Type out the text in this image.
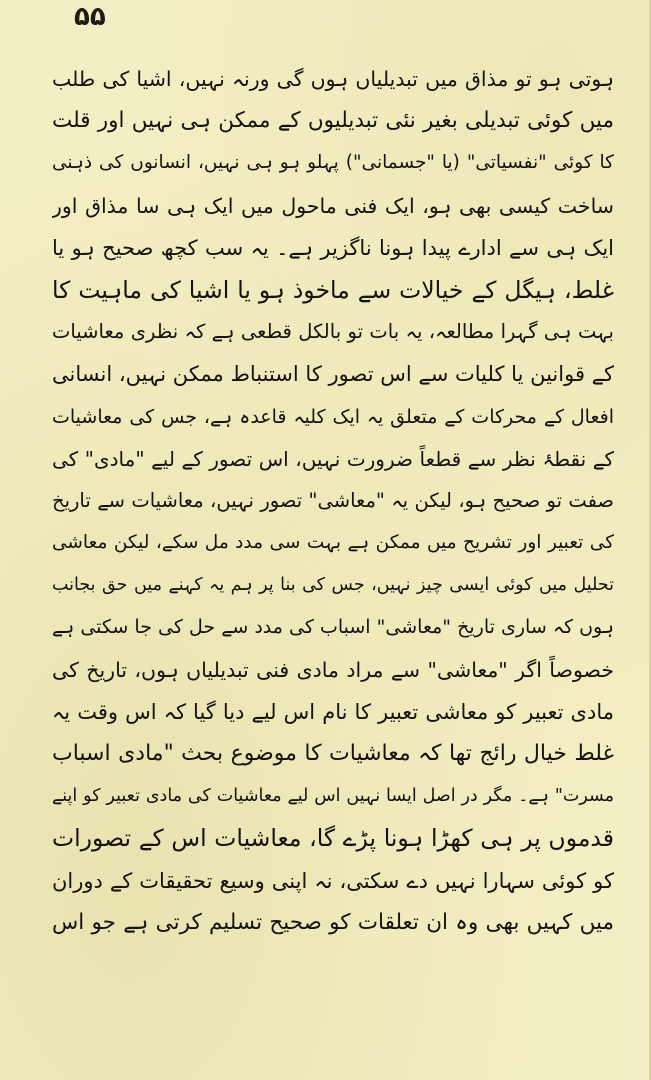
۵۵
ہوتی ہو تو مذاق میں تبدیلیاں ہوں گی ورنہ نہیں، اشیا کی طلب
میں کوئی تبدیلی بغیر نئی تبدیلیوں کے ممکن ہی نہیں اور قلت
کا کوئی "نفسیاتی" (یا "جسمانی") پہلو ہو ہی نہیں، انسانوں کی ذہنی
ساخت کیسی بھی ہو، ایک فنی ماحول میں ایک ہی سا مذاق اور
ایک ہی سے ادارے پیدا ہونا ناگزیر ہے۔ یہ سب کچھ صحیح ہو یا
غلط، ہیگل کے خیالات سے ماخوذ ہو یا اشیا کی ماہیت کا
بہت ہی گہرا مطالعہ، یہ بات تو بالکل قطعی ہے کہ نظری معاشیات
کے قوانین یا کلیات سے اس تصور کا استنباط ممکن نہیں، انسانی
افعال کے محرکات کے متعلق یہ ایک کلیہ قاعدہ ہے، جس کی معاشیات
کے نقطۂ نظر سے قطعاً ضرورت نہیں، اس تصور کے لیے "مادی" کی
صفت تو صحیح ہو، لیکن یہ "معاشی" تصور نہیں، معاشیات سے تاریخ
کی تعبیر اور تشریح میں ممکن ہے بہت سی مدد مل سکے، لیکن معاشی
تحلیل میں کوئی ایسی چیز نہیں، جس کی بنا پر ہم یہ کہنے میں حق بجانب
ہوں کہ ساری تاریخ "معاشی" اسباب کی مدد سے حل کی جا سکتی ہے
خصوصاً اگر "معاشی" سے مراد مادی فنی تبدیلیاں ہوں، تاریخ کی
مادی تعبیر کو معاشی تعبیر کا نام اس لیے دیا گیا کہ اس وقت یہ
غلط خیال رائج تھا کہ معاشیات کا موضوع بحث "مادی اسباب
مسرت" ہے۔ مگر در اصل ایسا نہیں اس لیے معاشیات کی مادی تعبیر کو اپنے
قدموں پر ہی کھڑا ہونا پڑے گا، معاشیات اس کے تصورات
کو کوئی سہارا نہیں دے سکتی، نہ اپنی وسیع تحقیقات کے دوران
میں کہیں بھی وہ ان تعلقات کو صحیح تسلیم کرتی ہے جو اس
